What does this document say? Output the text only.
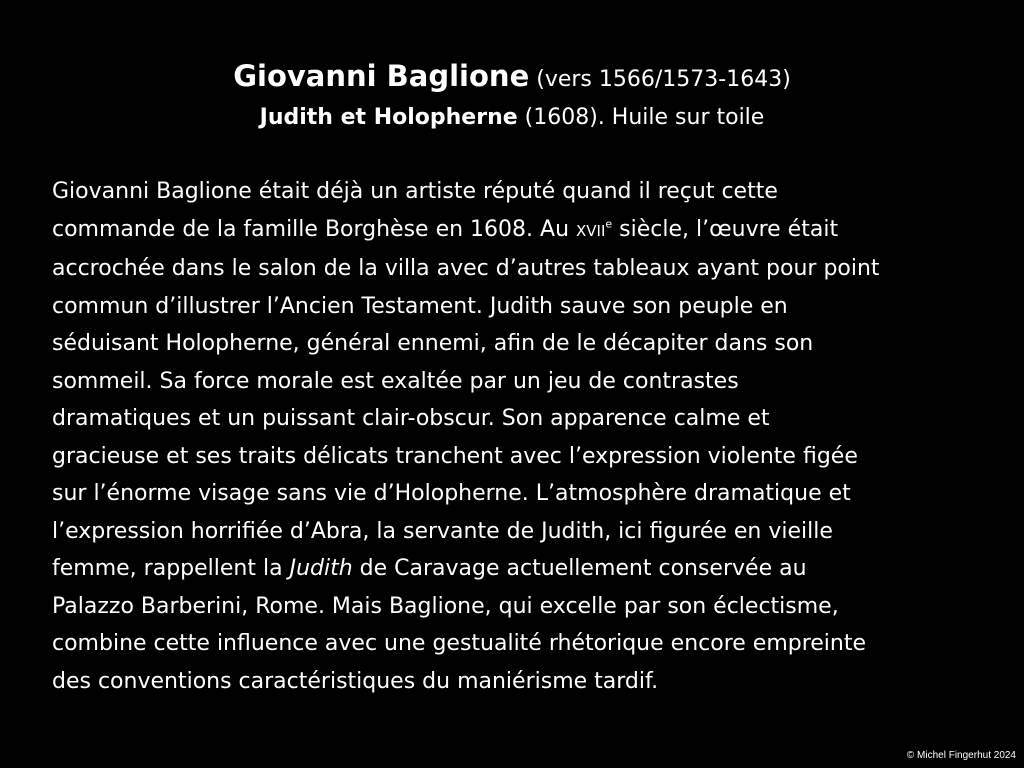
Giovanni Baglione (vers 1566/1573-1643)
Judith et Holopherne (1608). Huile sur toile
Giovanni Baglione était déjà un artiste réputé quand il reçut cette
commande de la famille Borghèse en 1608. Au XVIIe siècle, l’œuvre était
accrochée dans le salon de la villa avec d’autres tableaux ayant pour point
commun d’illustrer l’Ancien Testament. Judith sauve son peuple en
séduisant Holopherne, général ennemi, afin de le décapiter dans son
sommeil. Sa force morale est exaltée par un jeu de contrastes
dramatiques et un puissant clair-obscur. Son apparence calme et
gracieuse et ses traits délicats tranchent avec l’expression violente figée
sur l’énorme visage sans vie d’Holopherne. L’atmosphère dramatique et
l’expression horrifiée d’Abra, la servante de Judith, ici figurée en vieille
femme, rappellent la Judith de Caravage actuellement conservée au
Palazzo Barberini, Rome. Mais Baglione, qui excelle par son éclectisme,
combine cette influence avec une gestualité rhétorique encore empreinte
des conventions caractéristiques du maniérisme tardif.
© Michel Fingerhut 2024
